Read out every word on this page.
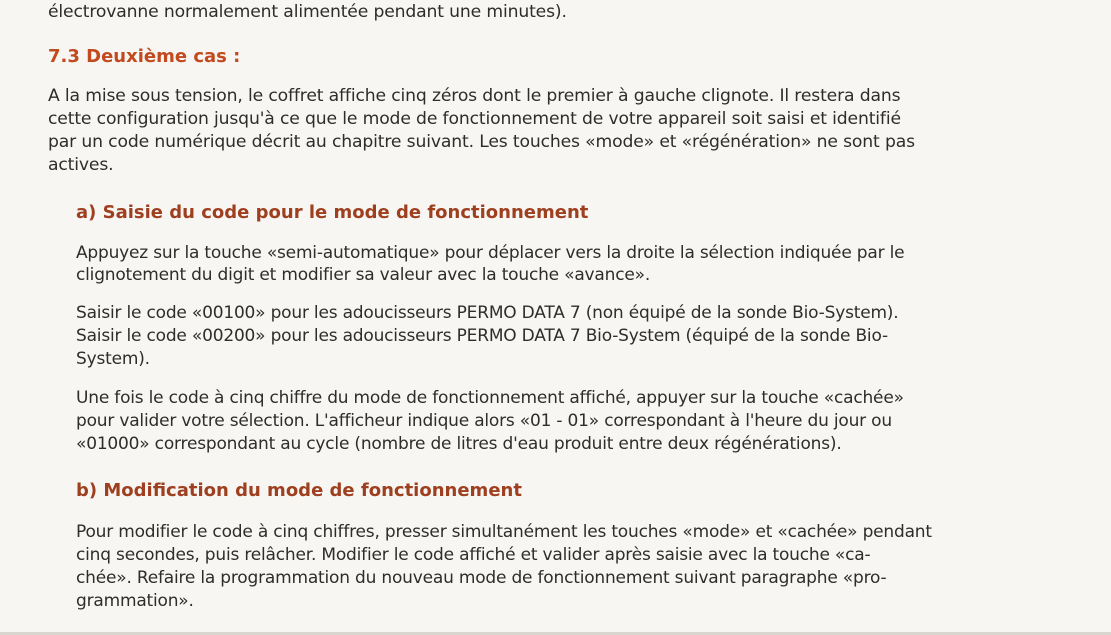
électrovanne normalement alimentée pendant une minutes).

7.3 Deuxième cas :

A la mise sous tension, le coffret affiche cinq zéros dont le premier à gauche clignote. Il restera dans

cette configuration jusqu'à ce que le mode de fonctionnement de votre appareil soit saisi et identifié

par un code numérique décrit au chapitre suivant. Les touches «mode» et «régénération» ne sont pas

actives.

a) Saisie du code pour le mode de fonctionnement

Appuyez sur la touche «semi-automatique» pour déplacer vers la droite la sélection indiquée par le

clignotement du digit et modifier sa valeur avec la touche «avance».

Saisir le code «00100» pour les adoucisseurs PERMO DATA 7 (non équipé de la sonde Bio-System).

Saisir le code «00200» pour les adoucisseurs PERMO DATA 7 Bio-System (équipé de la sonde Bio-

System).

Une fois le code à cinq chiffre du mode de fonctionnement affiché, appuyer sur la touche «cachée»

pour valider votre sélection. L'afficheur indique alors «01 - 01» correspondant à l'heure du jour ou

«01000» correspondant au cycle (nombre de litres d'eau produit entre deux régénérations).

b) Modification du mode de fonctionnement

Pour modifier le code à cinq chiffres, presser simultanément les touches «mode» et «cachée» pendant

cinq secondes, puis relâcher. Modifier le code affiché et valider après saisie avec la touche «ca-

chée». Refaire la programmation du nouveau mode de fonctionnement suivant paragraphe «pro-

grammation».
